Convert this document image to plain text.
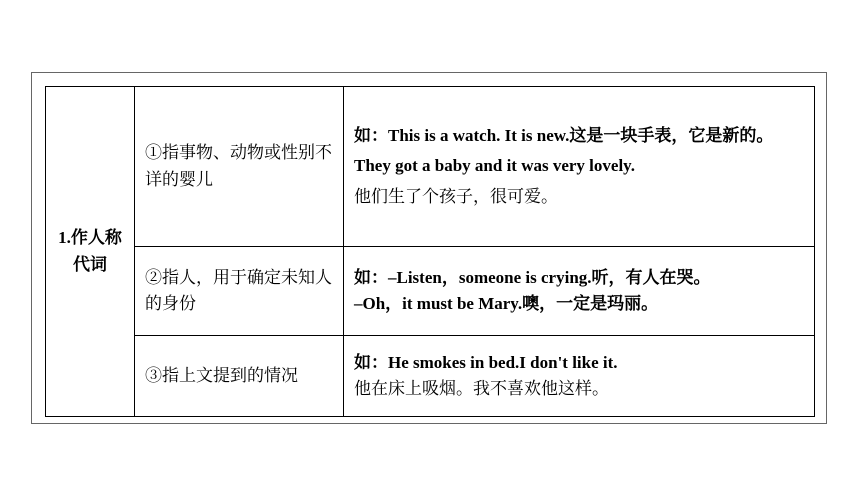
1.作人称代词	①指事物、动物或性别不详的婴儿	如：This is a watch. It is new.这是一块手表，它是新的。
They got a baby and it was very lovely.
他们生了个孩子，很可爱。

	②指人，用于确定未知人的身份	如：–Listen，someone is crying.听，有人在哭。
–Oh，it must be Mary.噢，一定是玛丽。

	③指上文提到的情况	如：He smokes in bed.I don't like it.
他在床上吸烟。我不喜欢他这样。
